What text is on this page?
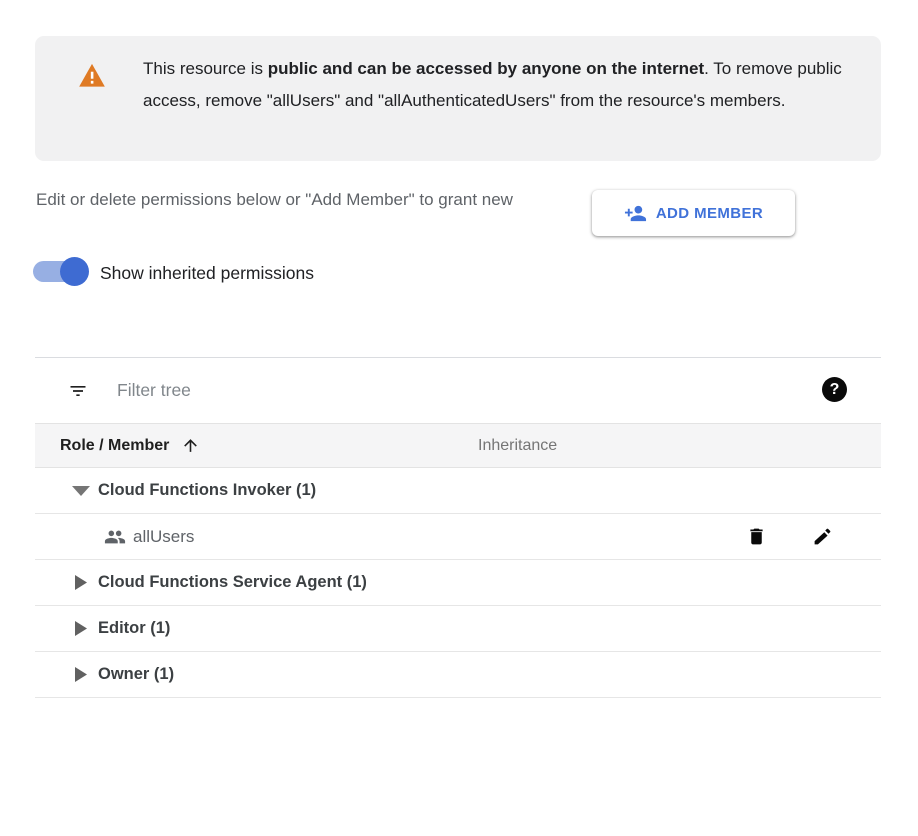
This resource is public and can be accessed by anyone on the internet. To remove public access, remove "allUsers" and "allAuthenticatedUsers" from the resource's members.

Edit or delete permissions below or "Add Member" to grant new
ADD MEMBER
Show inherited permissions
Filter tree
?
Role / Member	Inheritance
Cloud Functions Invoker (1)
allUsers
Cloud Functions Service Agent (1)
Editor (1)
Owner (1)
